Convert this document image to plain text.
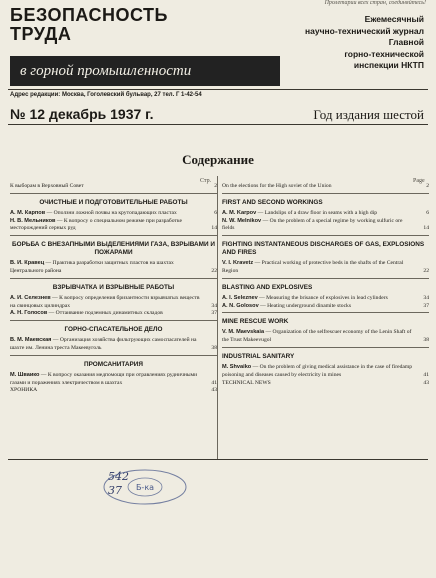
Пролетарии всех стран, соединяйтесь!
БЕЗОПАСНОСТЬ
ТРУДА
в горной промышленности
Ежемесячный
научно-технический журнал
Главной
горно-технической
инспекции НКТП
Адрес редакции: Москва, Гоголевский бульвар, 27 тел. Г 1-42-54
№ 12 декабрь 1937 г.	Год издания шестой
Содержание
Стр.	Page
К выборам в Верховный Совет	2
ОЧИСТНЫЕ И ПОДГОТОВИТЕЛЬНЫЕ РАБОТЫ
А. М. Карпов — Оползни ложной почвы на крутопадающих пластах	6
Н. В. Мельников — К вопросу о специальном режиме при разработке месторождений серных руд	14
БОРЬБА С ВНЕЗАПНЫМИ ВЫДЕЛЕНИЯМИ ГАЗА, ВЗРЫВАМИ И ПОЖАРАМИ
В. И. Кравец — Практика разработки защитных пластов на шахтах Центрального района	22
ВЗРЫВЧАТКА И ВЗРЫВНЫЕ РАБОТЫ
А. И. Селезнев — К вопросу определения бризантности взрывчатых веществ на свинцовых цилиндрах	34
А. Н. Голосов — Оттаивание подземных динамитных складов	37
ГОРНО-СПАСАТЕЛЬНОЕ ДЕЛО
В. М. Маевская — Организация хозяйства фильтрующих самоспасателей на шахте им. Ленина треста Макеевуголь	38
ПРОМСАНИТАРИЯ
М. Шваико — К вопросу оказания медпомощи при отравлениях рудничными газами и поражениях электричеством в шахтах	41
ХРОНИКА	43
On the elections for the High soviet of the Union	2
FIRST AND SECOND WORKINGS
A. M. Karpov — Landslips of a draw floor in seams with a high dip	6
N. W. Melnikov — On the problem of a special regime by working sulfuric ore fields	14
FIGHTING INSTANTANEOUS DISCHARGES OF GAS, EXPLOSIONS AND FIRES
V. I. Kravetz — Practical working of protective beds in the shafts of the Central Region	22
BLASTING AND EXPLOSIVES
A. I. Seleznev — Measuring the brisance of explosives in lead cylinders	34
A. N. Golosov — Heating underground dinamite stocks	37
MINE RESCUE WORK
V. M. Maevskaia — Organization of the selfrescuer economy of the Lenin Shaft of the Trust Makeevugol	38
INDUSTRIAL SANITARY
M. Shvaiko — On the problem of giving medical assistance in the case of firedamp poisoning and diseases caused by electricity in mines	41
TECHNICAL NEWS	43
542
37	Б-ка
